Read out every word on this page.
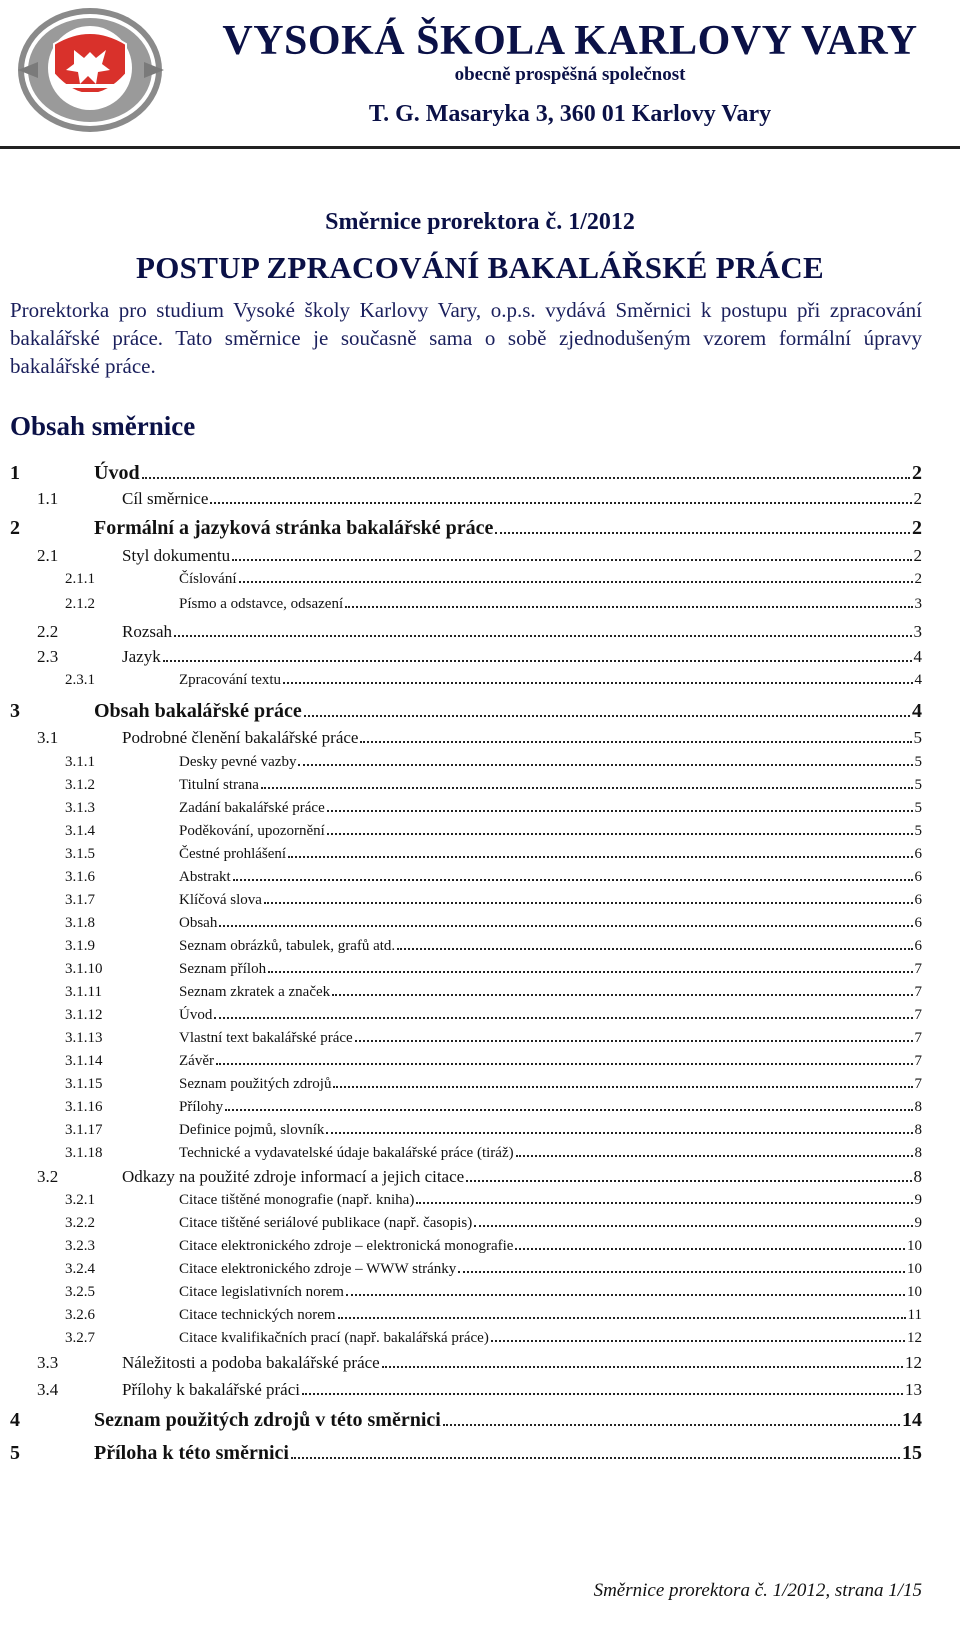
VYSOKÁ ŠKOLA KARLOVY VARY
obecně prospěšná společnost
T. G. Masaryka 3, 360 01 Karlovy Vary
Směrnice prorektora č. 1/2012
POSTUP ZPRACOVÁNÍ BAKALÁŘSKÉ PRÁCE
Prorektorka pro studium Vysoké školy Karlovy Vary, o.p.s. vydává Směrnici k postupu při zpracování bakalářské práce. Tato směrnice je současně sama o sobě zjednodušeným vzorem formální úpravy bakalářské práce.
Obsah směrnice
1	Úvod	2
1.1	Cíl směrnice	2
2	Formální a jazyková stránka bakalářské práce	2
2.1	Styl dokumentu	2
2.1.1	Číslování	2
2.1.2	Písmo a odstavce, odsazení	3
2.2	Rozsah	3
2.3	Jazyk	4
2.3.1	Zpracování textu	4
3	Obsah bakalářské práce	4
3.1	Podrobné členění bakalářské práce	5
3.1.1	Desky pevné vazby	5
3.1.2	Titulní strana	5
3.1.3	Zadání bakalářské práce	5
3.1.4	Poděkování, upozornění	5
3.1.5	Čestné prohlášení	6
3.1.6	Abstrakt	6
3.1.7	Klíčová slova	6
3.1.8	Obsah	6
3.1.9	Seznam obrázků, tabulek, grafů atd.	6
3.1.10	Seznam příloh	7
3.1.11	Seznam zkratek a značek	7
3.1.12	Úvod	7
3.1.13	Vlastní text bakalářské práce	7
3.1.14	Závěr	7
3.1.15	Seznam použitých zdrojů	7
3.1.16	Přílohy	8
3.1.17	Definice pojmů, slovník	8
3.1.18	Technické a vydavatelské údaje bakalářské práce (tiráž)	8
3.2	Odkazy na použité zdroje informací a jejich citace	8
3.2.1	Citace tištěné monografie (např. kniha)	9
3.2.2	Citace tištěné seriálové publikace (např. časopis)	9
3.2.3	Citace elektronického zdroje – elektronická monografie	10
3.2.4	Citace elektronického zdroje – WWW stránky	10
3.2.5	Citace legislativních norem	10
3.2.6	Citace technických norem	11
3.2.7	Citace kvalifikačních prací (např. bakalářská práce)	12
3.3	Náležitosti a podoba bakalářské práce	12
3.4	Přílohy k bakalářské práci	13
4	Seznam použitých zdrojů v této směrnici	14
5	Příloha k této směrnici	15
Směrnice prorektora č. 1/2012, strana 1/15
